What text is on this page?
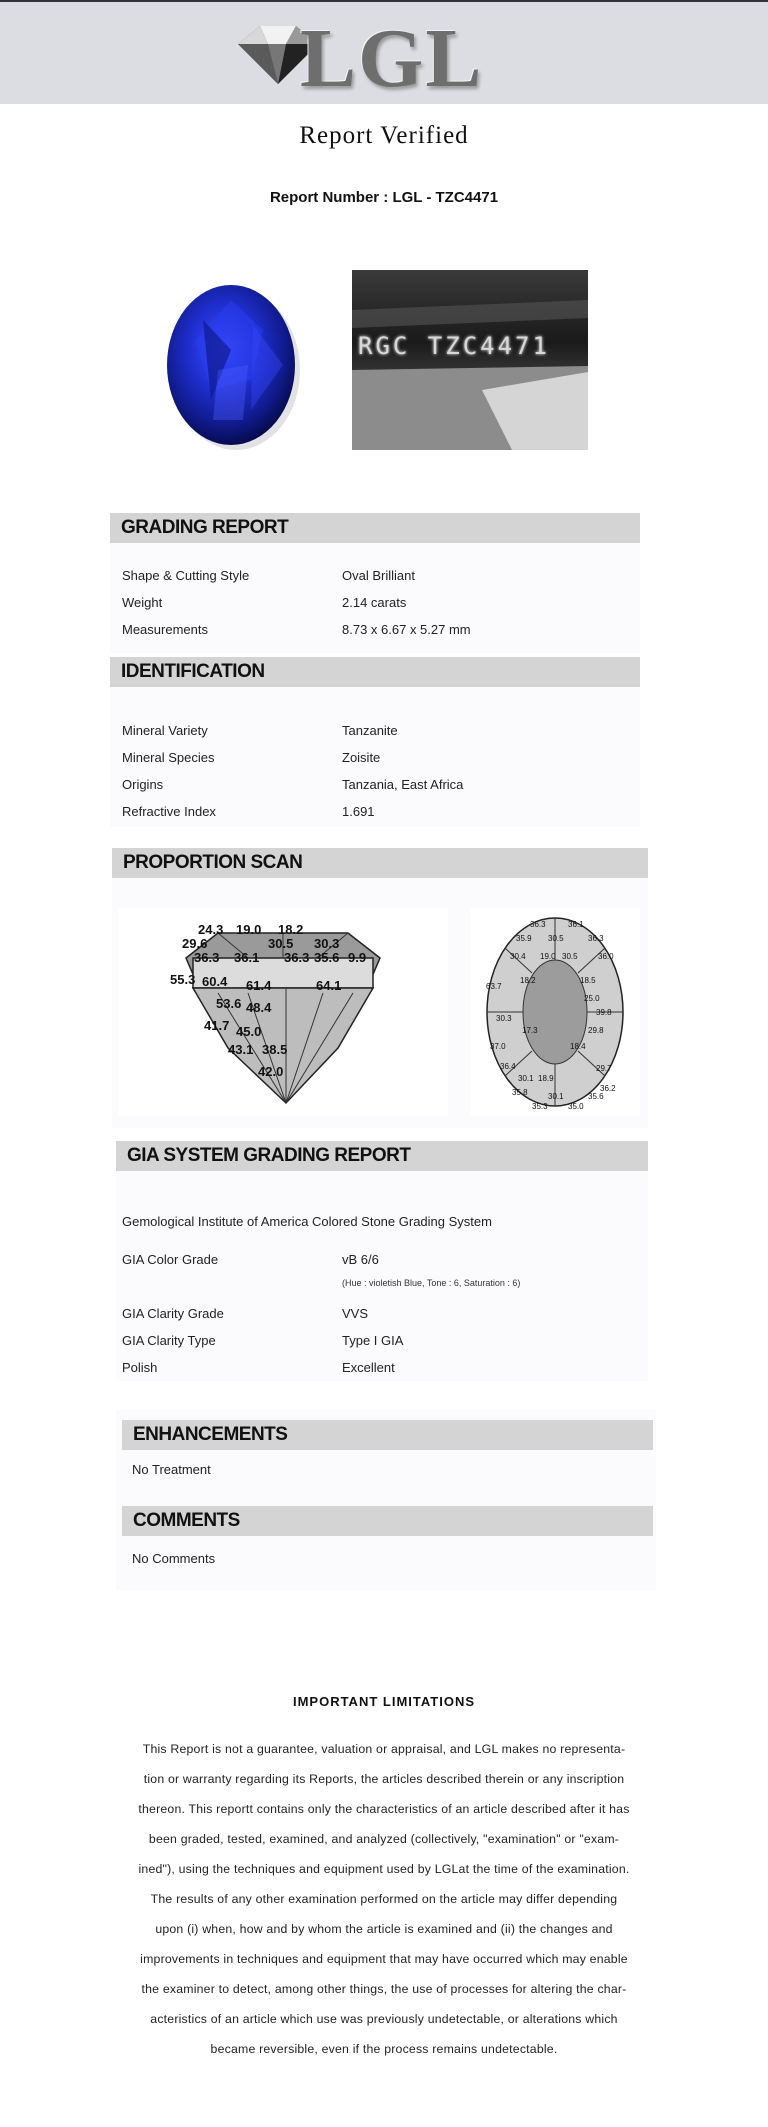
LGL
Report Verified
Report Number : LGL - TZC4471
RGC TZC4471
GRADING REPORT
Shape & Cutting Style	Oval Brilliant
Weight	2.14 carats
Measurements	8.73 x 6.67 x 5.27 mm
IDENTIFICATION
Mineral Variety	Tanzanite
Mineral Species	Zoisite
Origins	Tanzania, East Africa
Refractive Index	1.691
PROPORTION SCAN
24.3 19.0 18.2
29.6	30.5 30.3
36.3 36.1 36.3 35.6 9.9
55.3 60.4 61.4	64.1
53.6 48.4
41.7 45.0
43.1 38.5
42.0
36.3	36.1
35.9 30.5	36.3
30.4 19.0 30.5	36.0
18.2	18.5
63.7
25.0
39.8
30.3
17.3	29.8
37.0	18.4
36.4	29.7
30.1 18.9
36.2
35.8	30.1	35.6
35.3	35.0
GIA SYSTEM GRADING REPORT
Gemological Institute of America Colored Stone Grading System
GIA Color Grade	vB 6/6
(Hue : violetish Blue, Tone : 6, Saturation : 6)
GIA Clarity Grade	VVS
GIA Clarity Type	Type I GIA
Polish	Excellent
ENHANCEMENTS
No Treatment
COMMENTS
No Comments
IMPORTANT LIMITATIONS
This Report is not a guarantee, valuation or appraisal, and LGL makes no representa-
tion or warranty regarding its Reports, the articles described therein or any inscription
thereon. This reportt contains only the characteristics of an article described after it has
been graded, tested, examined, and analyzed (collectively, "examination" or "exam-
ined"), using the techniques and equipment used by LGLat the time of the examination.
The results of any other examination performed on the article may differ depending
upon (i) when, how and by whom the article is examined and (ii) the changes and
improvements in techniques and equipment that may have occurred which may enable
the examiner to detect, among other things, the use of processes for altering the char-
acteristics of an article which use was previously undetectable, or alterations which
became reversible, even if the process remains undetectable.
